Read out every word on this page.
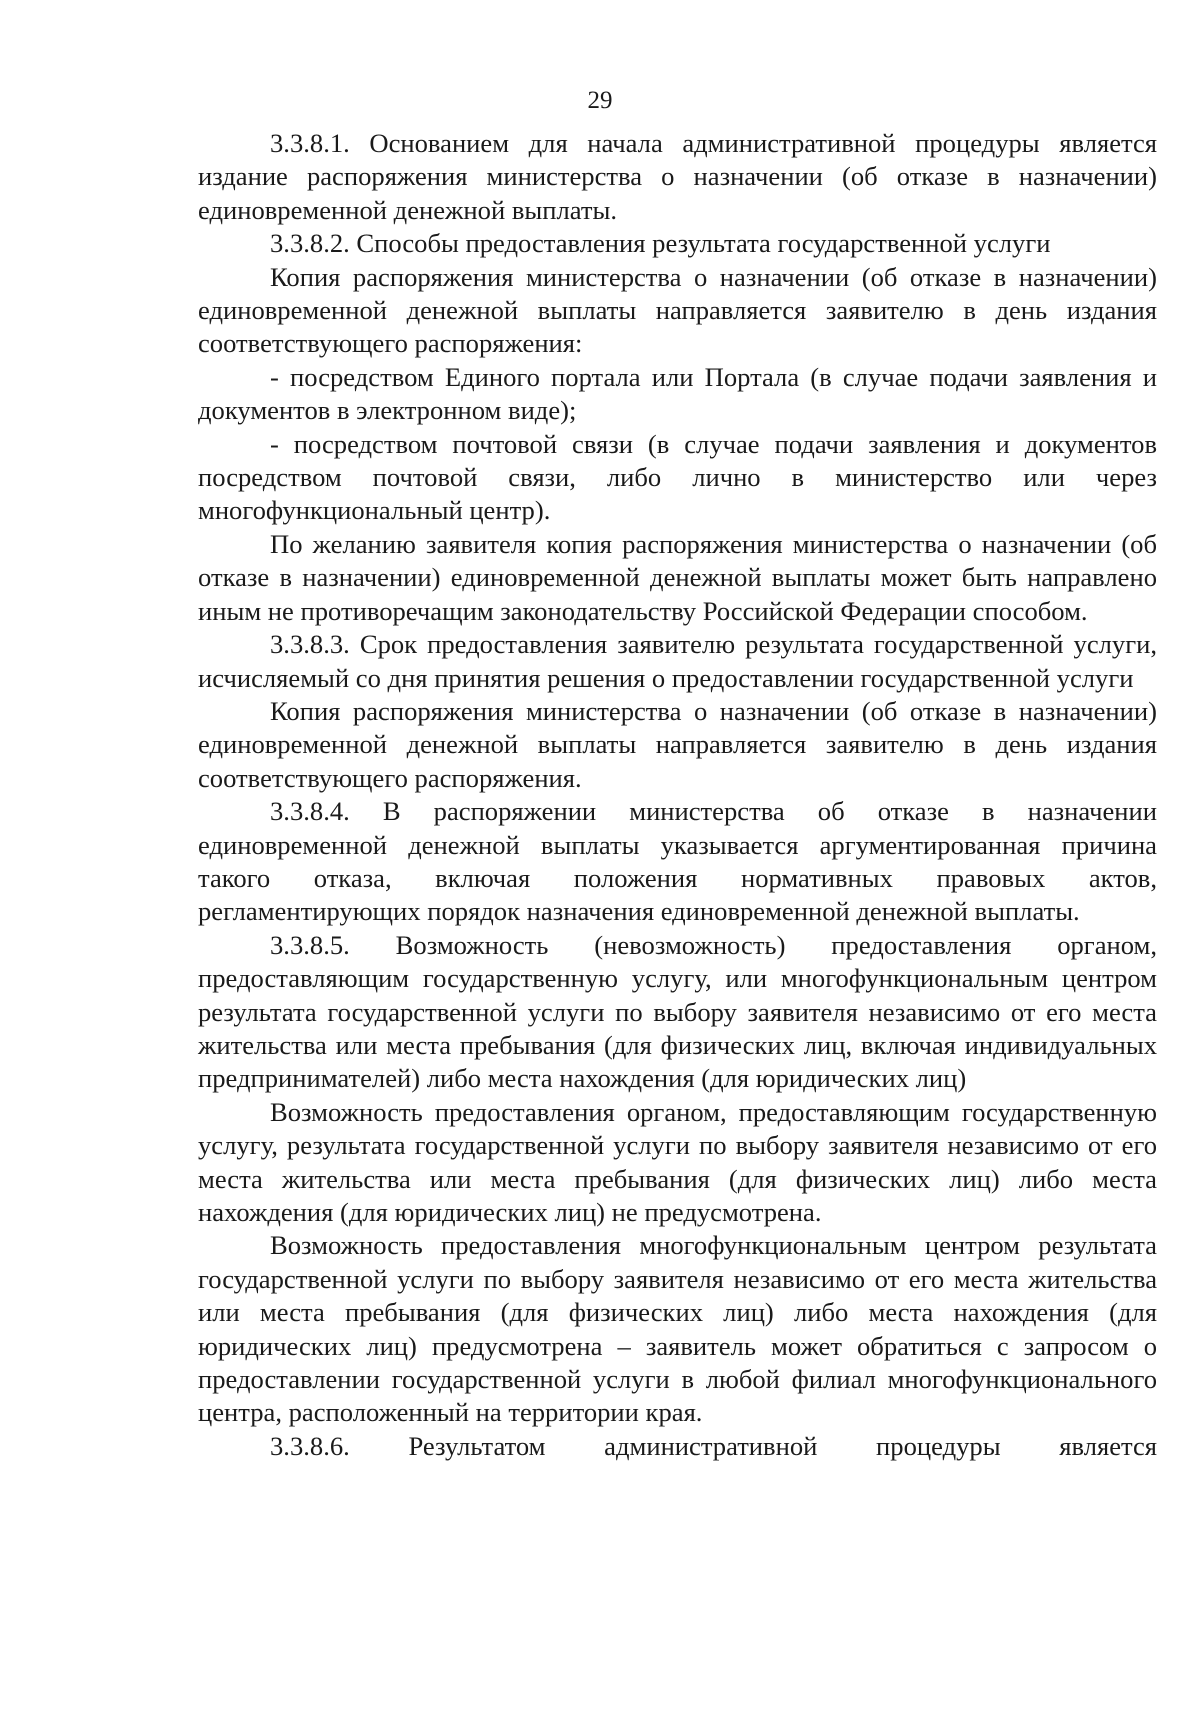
29

3.3.8.1. Основанием для начала административной процедуры является издание распоряжения министерства о назначении (об отказе в назначении) единовременной денежной выплаты.

3.3.8.2. Способы предоставления результата государственной услуги

Копия распоряжения министерства о назначении (об отказе в назначении) единовременной денежной выплаты направляется заявителю в день издания соответствующего распоряжения:

- посредством Единого портала или Портала (в случае подачи заявления и документов в электронном виде);

- посредством почтовой связи (в случае подачи заявления и документов посредством почтовой связи, либо лично в министерство или через многофункциональный центр).

По желанию заявителя копия распоряжения министерства о назначении (об отказе в назначении) единовременной денежной выплаты может быть направлено иным не противоречащим законодательству Российской Федерации способом.

3.3.8.3. Срок предоставления заявителю результата государственной услуги, исчисляемый со дня принятия решения о предоставлении государственной услуги

Копия распоряжения министерства о назначении (об отказе в назначении) единовременной денежной выплаты направляется заявителю в день издания соответствующего распоряжения.

3.3.8.4. В распоряжении министерства об отказе в назначении единовременной денежной выплаты указывается аргументированная причина такого отказа, включая положения нормативных правовых актов, регламентирующих порядок назначения единовременной денежной выплаты.

3.3.8.5. Возможность (невозможность) предоставления органом, предоставляющим государственную услугу, или многофункциональным центром результата государственной услуги по выбору заявителя независимо от его места жительства или места пребывания (для физических лиц, включая индивидуальных предпринимателей) либо места нахождения (для юридических лиц)

Возможность предоставления органом, предоставляющим государственную услугу, результата государственной услуги по выбору заявителя независимо от его места жительства или места пребывания (для физических лиц) либо места нахождения (для юридических лиц) не предусмотрена.

Возможность предоставления многофункциональным центром результата государственной услуги по выбору заявителя независимо от его места жительства или места пребывания (для физических лиц) либо места нахождения (для юридических лиц) предусмотрена – заявитель может обратиться с запросом о предоставлении государственной услуги в любой филиал многофункционального центра, расположенный на территории края.

3.3.8.6. Результатом административной процедуры является
